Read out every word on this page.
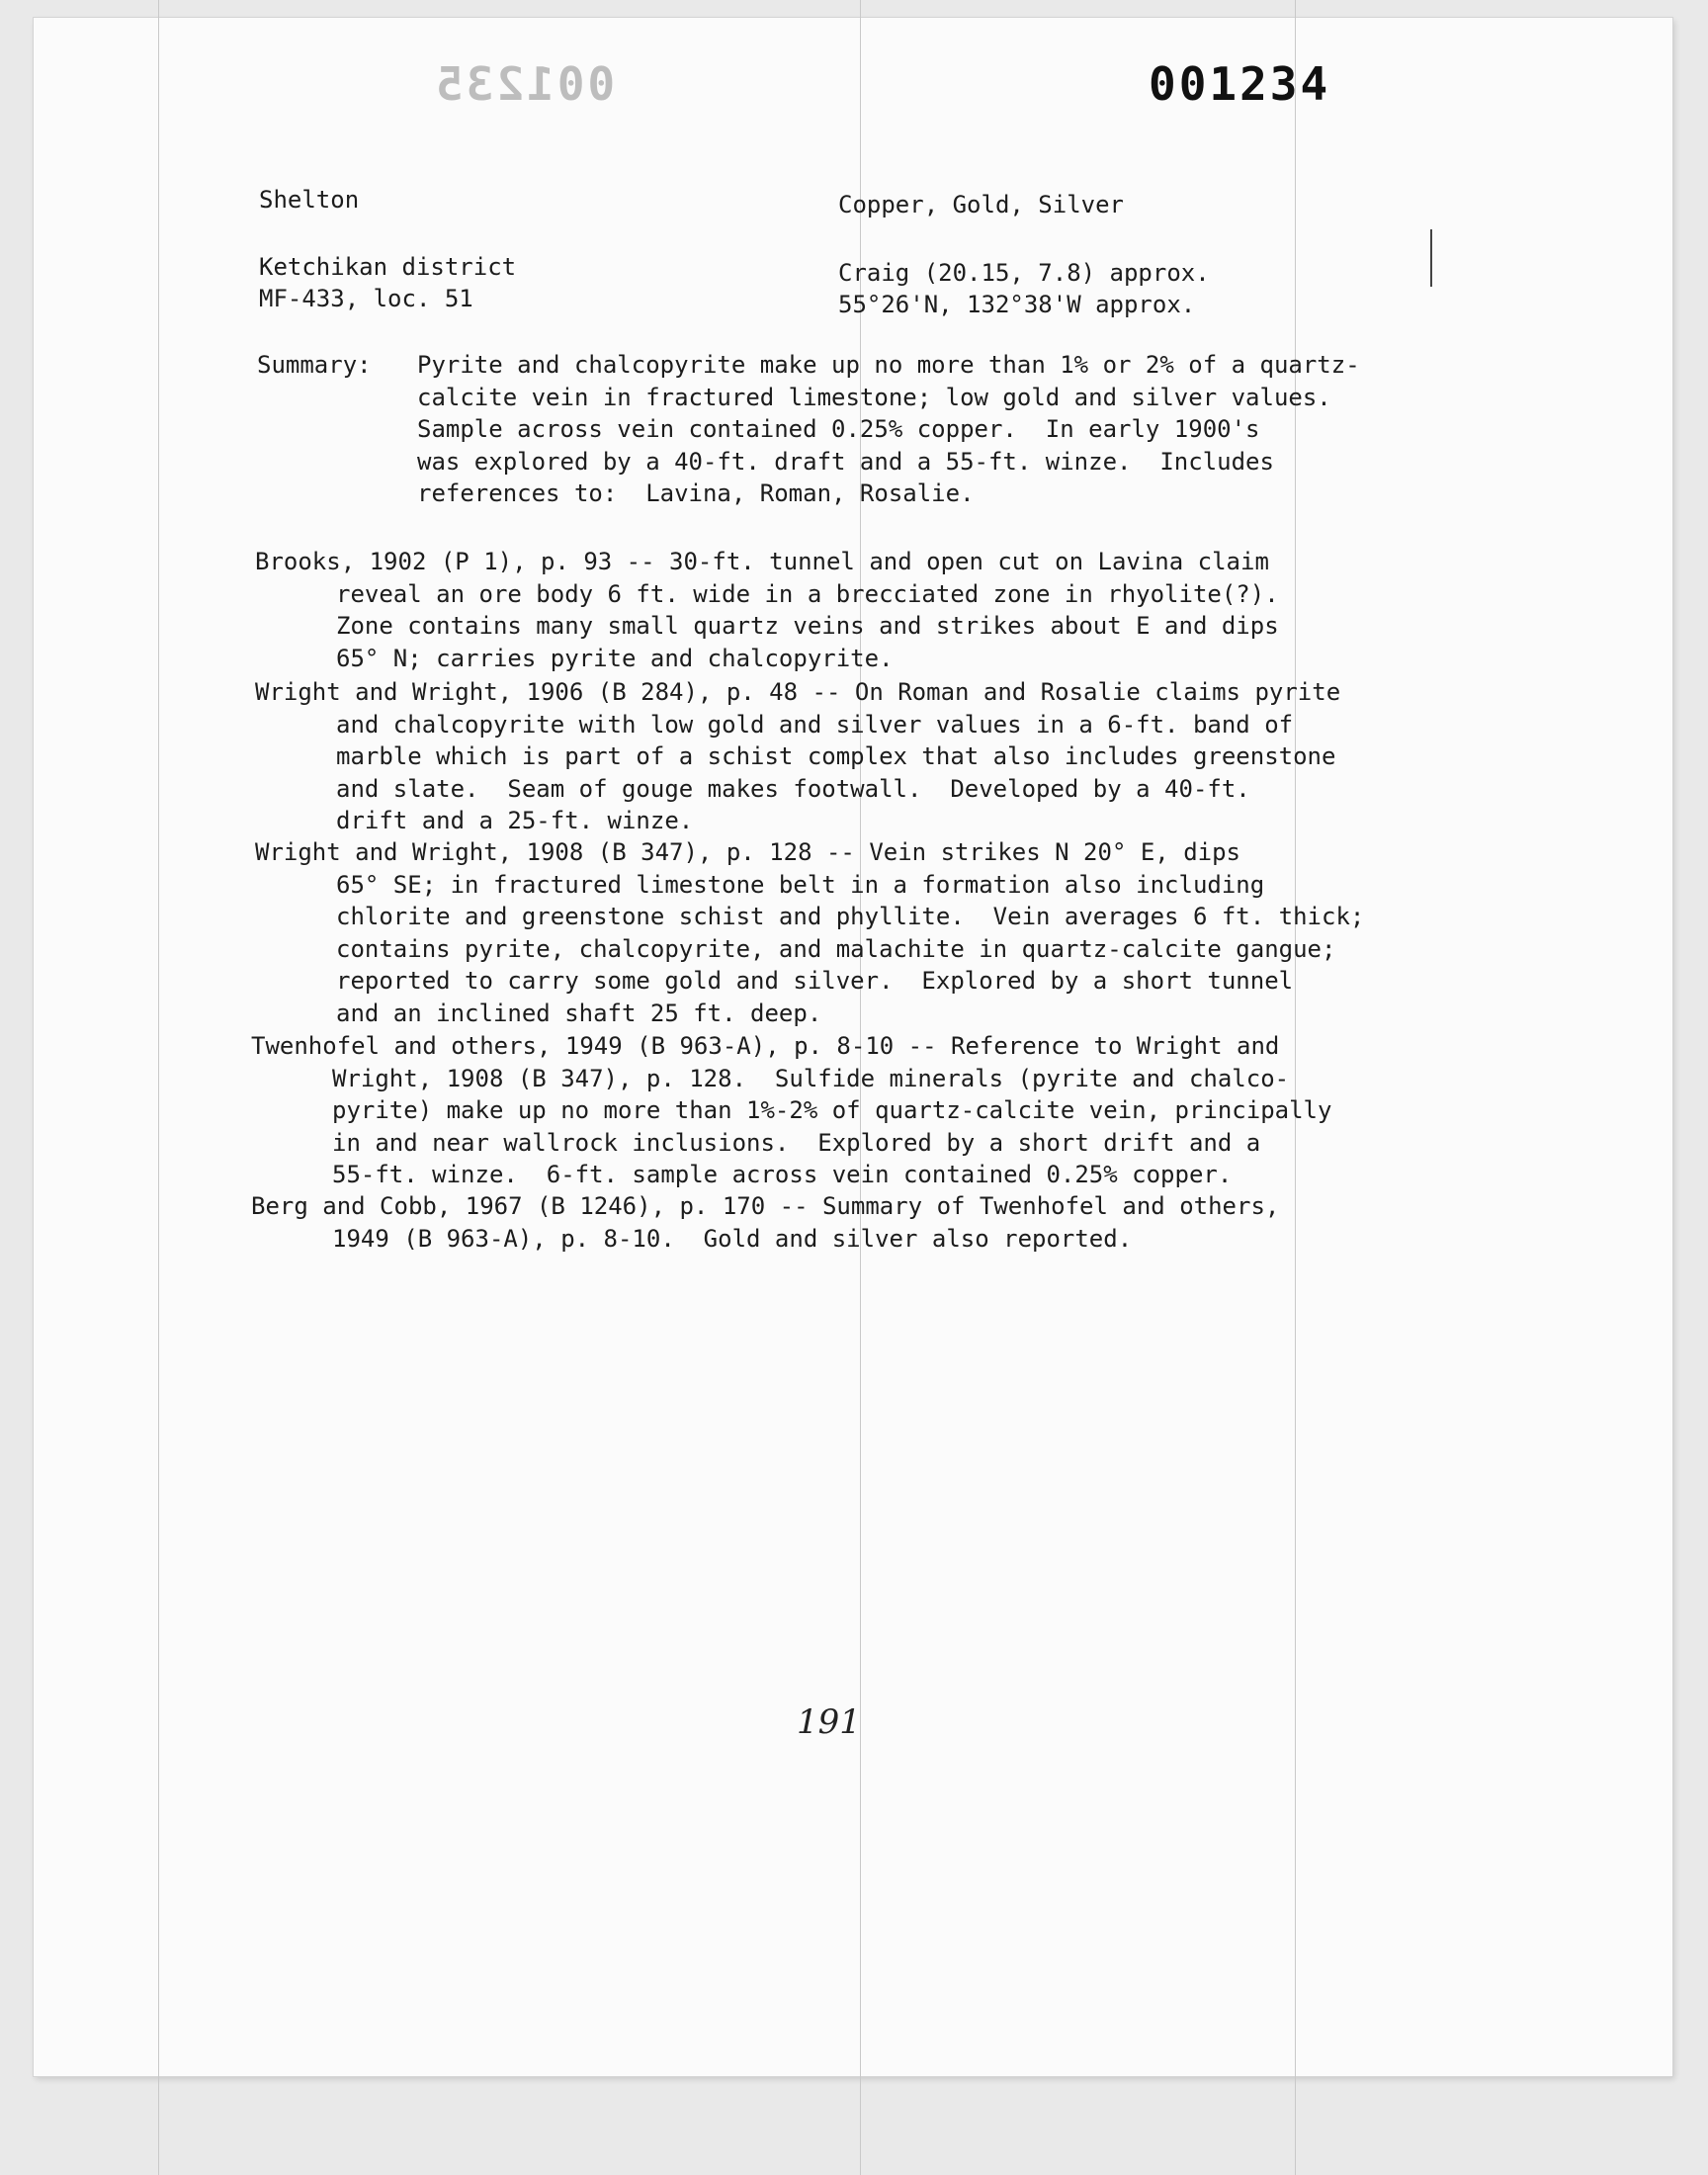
001235	001234
Shelton	Copper, Gold, Silver
Ketchikan district	Craig (20.15, 7.8) approx.
MF-433, loc. 51	55°26'N, 132°38'W approx.
Summary: Pyrite and chalcopyrite make up no more than 1% or 2% of a quartz-
calcite vein in fractured limestone; low gold and silver values.
Sample across vein contained 0.25% copper.  In early 1900's
was explored by a 40-ft. draft and a 55-ft. winze.  Includes
references to:  Lavina, Roman, Rosalie.
Brooks, 1902 (P 1), p. 93 -- 30-ft. tunnel and open cut on Lavina claim
reveal an ore body 6 ft. wide in a brecciated zone in rhyolite(?).
Zone contains many small quartz veins and strikes about E and dips
65° N; carries pyrite and chalcopyrite.
Wright and Wright, 1906 (B 284), p. 48 -- On Roman and Rosalie claims pyrite
and chalcopyrite with low gold and silver values in a 6-ft. band of
marble which is part of a schist complex that also includes greenstone
and slate.  Seam of gouge makes footwall.  Developed by a 40-ft.
drift and a 25-ft. winze.
Wright and Wright, 1908 (B 347), p. 128 -- Vein strikes N 20° E, dips
65° SE; in fractured limestone belt in a formation also including
chlorite and greenstone schist and phyllite.  Vein averages 6 ft. thick;
contains pyrite, chalcopyrite, and malachite in quartz-calcite gangue;
reported to carry some gold and silver.  Explored by a short tunnel
and an inclined shaft 25 ft. deep.
Twenhofel and others, 1949 (B 963-A), p. 8-10 -- Reference to Wright and
Wright, 1908 (B 347), p. 128.  Sulfide minerals (pyrite and chalco-
pyrite) make up no more than 1%-2% of quartz-calcite vein, principally
in and near wallrock inclusions.  Explored by a short drift and a
55-ft. winze.  6-ft. sample across vein contained 0.25% copper.
Berg and Cobb, 1967 (B 1246), p. 170 -- Summary of Twenhofel and others,
1949 (B 963-A), p. 8-10.  Gold and silver also reported.
191
